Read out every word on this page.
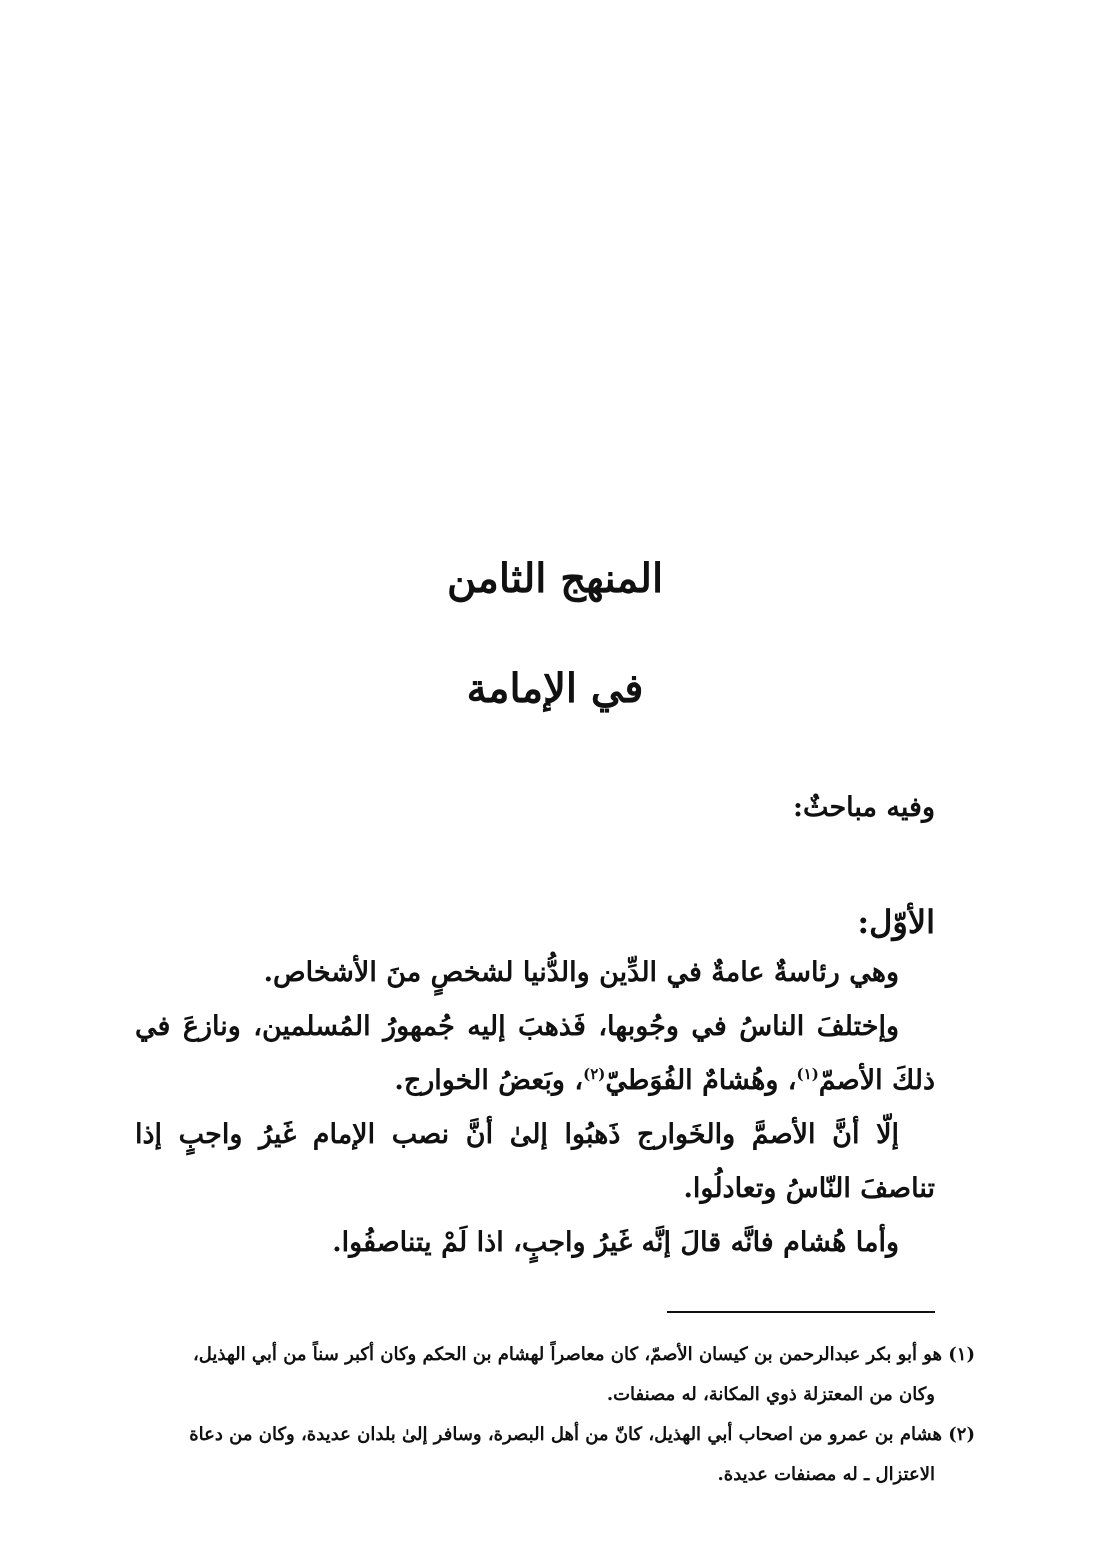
المنهج الثامن
في الإمامة

وفيه مباحثٌ:

الأوّل:

وهي رئاسةٌ عامةٌ في الدِّين والدُّنيا لشخصٍ منَ الأشخاص.

وإختلفَ الناسُ في وجُوبها، فَذهبَ إليه جُمهورُ المُسلمين، ونازعَ في ذلكَ الأصمّ$^{(١)}$، وهُشامٌ الفُوَطيّ$^{(٢)}$، وبَعضُ الخوارج.

إلّا أنَّ الأصمَّ والخَوارج ذَهبُوا إلىٰ أنَّ نصب الإمام غَيرُ واجبٍ إذا تناصفَ النّاسُ وتعادلُوا.

وأما هُشام فانَّه قالَ إنَّه غَيرُ واجبٍ، اذا لَمْ يتناصفُوا.

(١) هو أبو بكر عبدالرحمن بن كيسان الأصمّ، كان معاصراً لهشام بن الحكم وكان أكبر سناً من أبي الهذيل،

وكان من المعتزلة ذوي المكانة، له مصنفات.

(٢) هشام بن عمرو من اصحاب أبي الهذيل، كانّ من أهل البصرة، وسافر إلىٰ بلدان عديدة، وكان من دعاة

الاعتزال ـ له مصنفات عديدة.
